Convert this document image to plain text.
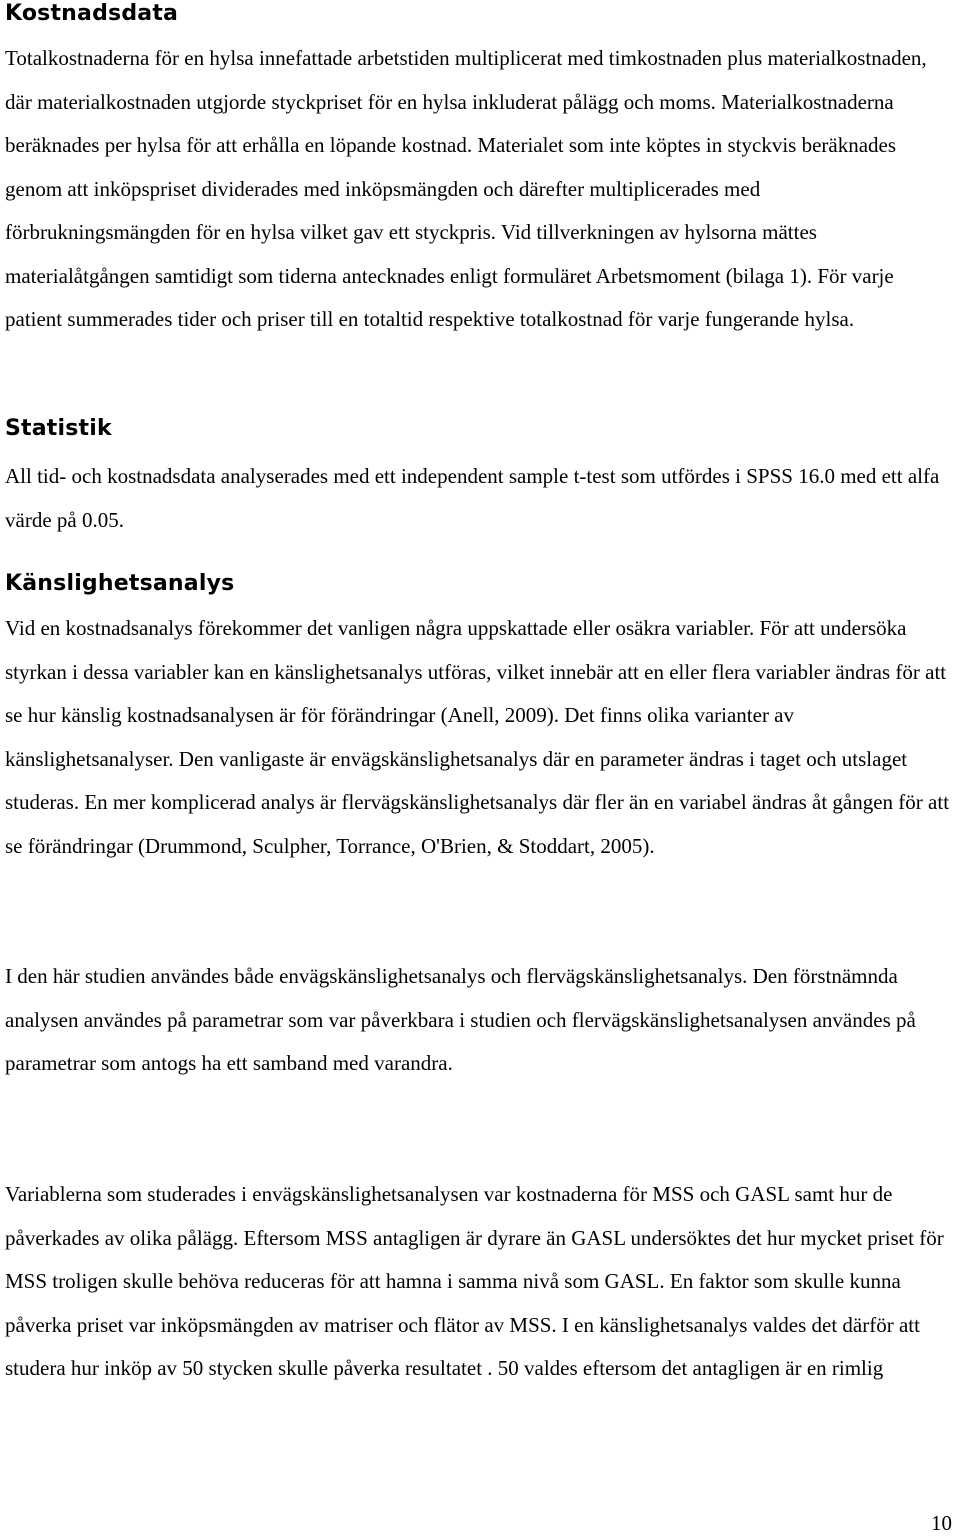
Kostnadsdata

Totalkostnaderna för en hylsa innefattade arbetstiden multiplicerat med timkostnaden plus materialkostnaden, där materialkostnaden utgjorde styckpriset för en hylsa inkluderat pålägg och moms. Materialkostnaderna beräknades per hylsa för att erhålla en löpande kostnad. Materialet som inte köptes in styckvis beräknades genom att inköpspriset dividerades med inköpsmängden och därefter multiplicerades med förbrukningsmängden för en hylsa vilket gav ett styckpris. Vid tillverkningen av hylsorna mättes materialåtgången samtidigt som tiderna antecknades enligt formuläret Arbetsmoment (bilaga 1). För varje patient summerades tider och priser till en totaltid respektive totalkostnad för varje fungerande hylsa.

Statistik

All tid- och kostnadsdata analyserades med ett independent sample t-test som utfördes i SPSS 16.0 med ett alfa värde på 0.05.

Känslighetsanalys

Vid en kostnadsanalys förekommer det vanligen några uppskattade eller osäkra variabler. För att undersöka styrkan i dessa variabler kan en känslighetsanalys utföras, vilket innebär att en eller flera variabler ändras för att se hur känslig kostnadsanalysen är för förändringar (Anell, 2009). Det finns olika varianter av känslighetsanalyser. Den vanligaste är envägskänslighetsanalys där en parameter ändras i taget och utslaget studeras. En mer komplicerad analys är flervägskänslighetsanalys där fler än en variabel ändras åt gången för att se förändringar (Drummond, Sculpher, Torrance, O'Brien, & Stoddart, 2005).

I den här studien användes både envägskänslighetsanalys och flervägskänslighetsanalys. Den förstnämnda analysen användes på parametrar som var påverkbara i studien och flervägskänslighetsanalysen användes på parametrar som antogs ha ett samband med varandra.

Variablerna som studerades i envägskänslighetsanalysen var kostnaderna för MSS och GASL samt hur de påverkades av olika pålägg. Eftersom MSS antagligen är dyrare än GASL undersöktes det hur mycket priset för MSS troligen skulle behöva reduceras för att hamna i samma nivå som GASL. En faktor som skulle kunna påverka priset var inköpsmängden av matriser och flätor av MSS. I en känslighetsanalys valdes det därför att studera hur inköp av 50 stycken skulle påverka resultatet . 50 valdes eftersom det antagligen är en rimlig

10
